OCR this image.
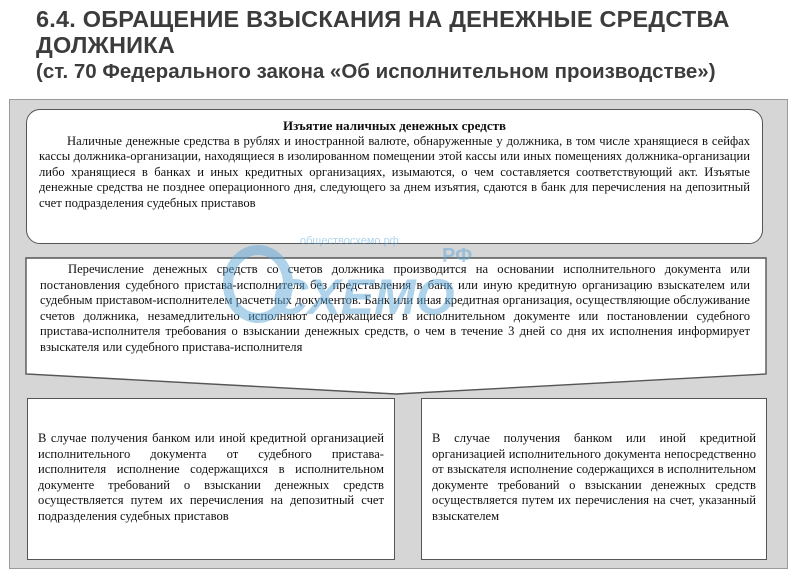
6.4. ОБРАЩЕНИЕ ВЗЫСКАНИЯ НА ДЕНЕЖНЫЕ СРЕДСТВА
ДОЛЖНИКА
(ст. 70 Федерального закона «Об исполнительном производстве»)
Изъятие наличных денежных средств
Наличные денежные средства в рублях и иностранной валюте, обнаруженные у должника, в том числе хранящиеся в сейфах кассы должника-организации, находящиеся в изолированном помещении этой кассы или иных помещениях должника-организации либо хранящиеся в банках и иных кредитных организациях, изымаются, о чем составляется соответствующий акт. Изъятые денежные средства не позднее операционного дня, следующего за днем изъятия, сдаются в банк для перечисления на депозитный счет подразделения судебных приставов
Перечисление денежных средств со счетов должника производится на основании исполнительного документа или постановления судебного пристава-исполнителя без представления в банк или иную кредитную организацию взыскателем или судебным приставом-исполнителем расчетных документов. Банк или иная кредитная организация, осуществляющие обслуживание счетов должника, незамедлительно исполняют содержащиеся в исполнительном документе или постановлении судебного пристава-исполнителя требования о взыскании денежных средств, о чем в течение 3 дней со дня их исполнения информирует взыскателя или судебного пристава-исполнителя
В случае получения банком или иной кредитной организацией исполнительного документа от судебного пристава-исполнителя исполнение содержащихся в исполнительном документе требований о взыскании денежных средств осуществляется путем их перечисления на депозитный счет подразделения судебных приставов
В случае получения банком или иной кредитной организацией исполнительного документа непосредственно от взыскателя исполнение содержащихся в исполнительном документе требований о взыскании денежных средств осуществляется путем их перечисления на счет, указанный взыскателем
обществосхемо.рф
СХЕМО
РФ
